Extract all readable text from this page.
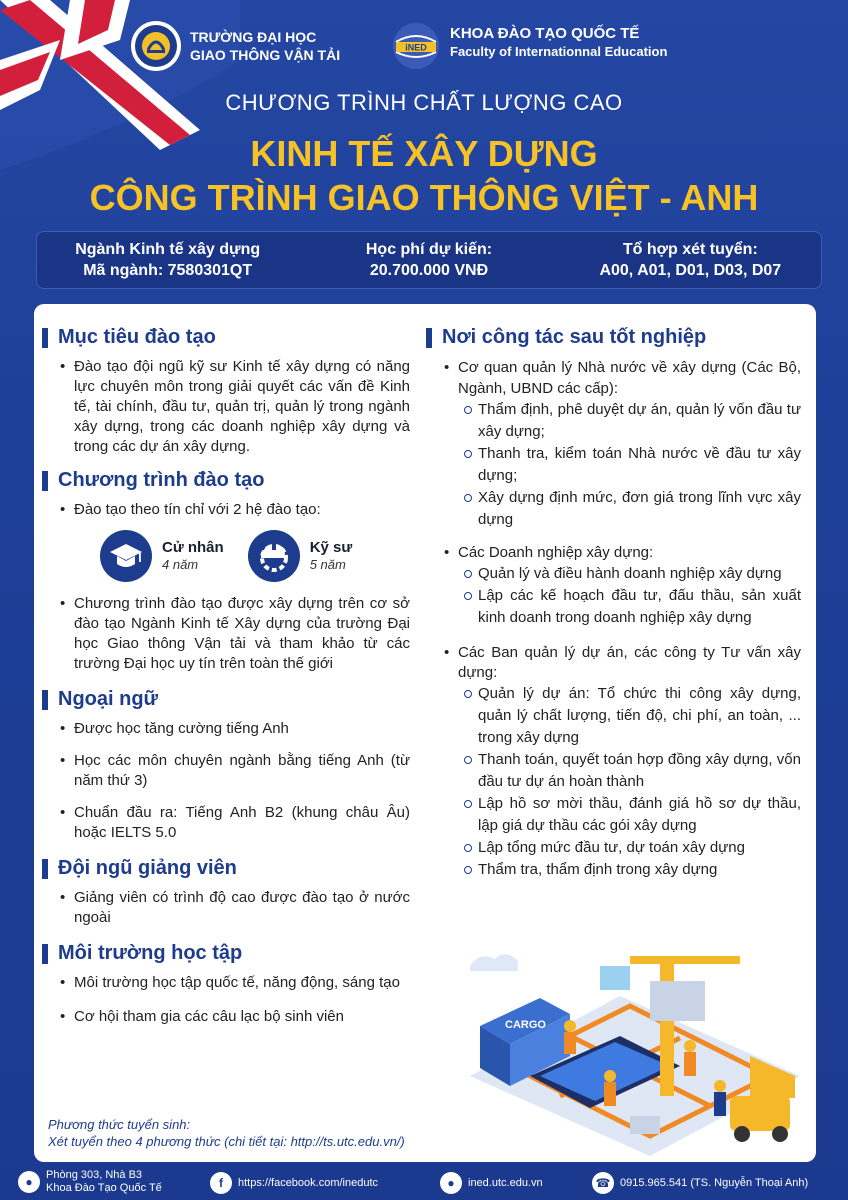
TRƯỜNG ĐẠI HỌC
GIAO THÔNG VẬN TẢI	iNED
KHOA ĐÀO TẠO QUỐC TẾ
Faculty of Internationnal Education
CHƯƠNG TRÌNH CHẤT LƯỢNG CAO
KINH TẾ XÂY DỰNG
CÔNG TRÌNH GIAO THÔNG VIỆT - ANH
Ngành Kinh tế xây dựng
Mã ngành: 7580301QT
Học phí dự kiến:
20.700.000 VNĐ
Tổ hợp xét tuyển:
A00, A01, D01, D03, D07
Mục tiêu đào tạo
• Đào tạo đội ngũ kỹ sư Kinh tế xây dựng có năng lực chuyên môn trong giải quyết các vấn đề Kinh tế, tài chính, đầu tư, quản trị, quản lý trong ngành xây dựng, trong các doanh nghiệp xây dựng và trong các dự án xây dựng.
Chương trình đào tạo
• Đào tạo theo tín chỉ với 2 hệ đào tạo:
Cử nhân
4 năm
Kỹ sư
5 năm
• Chương trình đào tạo được xây dựng trên cơ sở đào tạo Ngành Kinh tế Xây dựng của trường Đại học Giao thông Vận tải và tham khảo từ các trường Đại học uy tín trên toàn thế giới
Ngoại ngữ
• Được học tăng cường tiếng Anh
• Học các môn chuyên ngành bằng tiếng Anh (từ năm thứ 3)
• Chuẩn đầu ra: Tiếng Anh B2 (khung châu Âu) hoặc IELTS 5.0
Đội ngũ giảng viên
• Giảng viên có trình độ cao được đào tạo ở nước ngoài
Môi trường học tập
• Môi trường học tập quốc tế, năng động, sáng tạo
• Cơ hội tham gia các câu lạc bộ sinh viên
Nơi công tác sau tốt nghiệp
• Cơ quan quản lý Nhà nước về xây dựng (Các Bộ, Ngành, UBND các cấp):
Thẩm định, phê duyệt dự án, quản lý vốn đầu tư xây dựng;
Thanh tra, kiểm toán Nhà nước về đầu tư xây dựng;
Xây dựng định mức, đơn giá trong lĩnh vực xây dựng
• Các Doanh nghiệp xây dựng:
Quản lý và điều hành doanh nghiệp xây dựng
Lập các kế hoạch đầu tư, đấu thầu, sản xuất kinh doanh trong doanh nghiệp xây dựng
• Các Ban quản lý dự án, các công ty Tư vấn xây dựng:
Quản lý dự án: Tổ chức thi công xây dựng, quản lý chất lượng, tiến độ, chi phí, an toàn, ... trong xây dựng
Thanh toán, quyết toán hợp đồng xây dựng, vốn đầu tư dự án hoàn thành
Lập hồ sơ mời thầu, đánh giá hồ sơ dự thầu, lập giá dự thầu các gói xây dựng
Lập tổng mức đầu tư, dự toán xây dựng
Thẩm tra, thẩm định trong xây dựng
CARGO
Phương thức tuyển sinh:
Xét tuyển theo 4 phương thức (chi tiết tại: http://ts.utc.edu.vn/)
●	Phòng 303, Nhà B3
Khoa Đào Tạo Quốc Tế	f	https://facebook.com/inedutc	●	ined.utc.edu.vn	☎ 0915.965.541 (TS. Nguyễn Thoại Anh)
